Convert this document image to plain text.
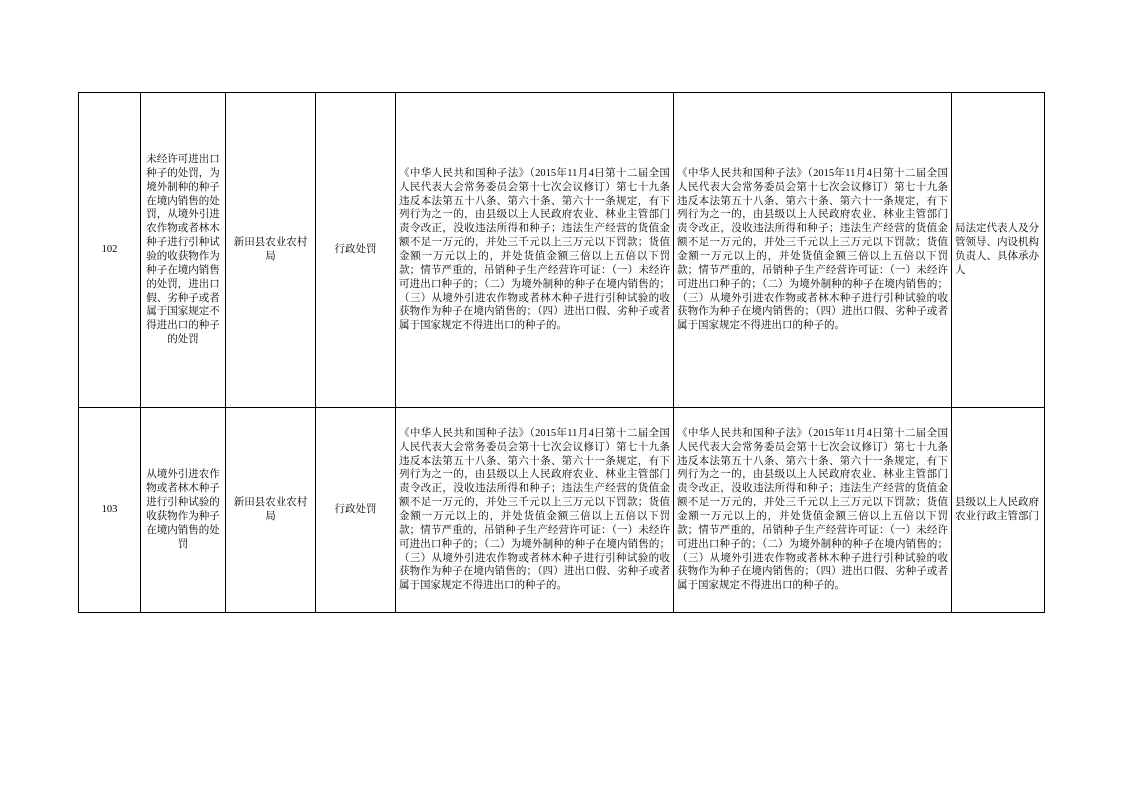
102	未经许可进出口种子的处罚，为境外制种的种子在境内销售的处罚，从境外引进农作物或者林木种子进行引种试验的收获物作为种子在境内销售的处罚，进出口假、劣种子或者属于国家规定不得进出口的种子的处罚	新田县农业农村局	行政处罚	《中华人民共和国种子法》（2015年11月4日第十二届全国人民代表大会常务委员会第十七次会议修订）第七十九条违反本法第五十八条、第六十条、第六十一条规定，有下列行为之一的，由县级以上人民政府农业、林业主管部门责令改正，没收违法所得和种子；违法生产经营的货值金额不足一万元的，并处三千元以上三万元以下罚款；货值金额一万元以上的，并处货值金额三倍以上五倍以下罚款；情节严重的，吊销种子生产经营许可证：（一）未经许可进出口种子的；（二）为境外制种的种子在境内销售的；（三）从境外引进农作物或者林木种子进行引种试验的收获物作为种子在境内销售的；（四）进出口假、劣种子或者属于国家规定不得进出口的种子的。	《中华人民共和国种子法》（2015年11月4日第十二届全国人民代表大会常务委员会第十七次会议修订）第七十九条违反本法第五十八条、第六十条、第六十一条规定，有下列行为之一的，由县级以上人民政府农业、林业主管部门责令改正，没收违法所得和种子；违法生产经营的货值金额不足一万元的，并处三千元以上三万元以下罚款；货值金额一万元以上的，并处货值金额三倍以上五倍以下罚款；情节严重的，吊销种子生产经营许可证：（一）未经许可进出口种子的；（二）为境外制种的种子在境内销售的；（三）从境外引进农作物或者林木种子进行引种试验的收获物作为种子在境内销售的；（四）进出口假、劣种子或者属于国家规定不得进出口的种子的。	局法定代表人及分管领导、内设机构负责人、具体承办人
103	从境外引进农作物或者林木种子进行引种试验的收获物作为种子在境内销售的处罚	新田县农业农村局	行政处罚	《中华人民共和国种子法》（2015年11月4日第十二届全国人民代表大会常务委员会第十七次会议修订）第七十九条违反本法第五十八条、第六十条、第六十一条规定，有下列行为之一的，由县级以上人民政府农业、林业主管部门责令改正，没收违法所得和种子；违法生产经营的货值金额不足一万元的，并处三千元以上三万元以下罚款；货值金额一万元以上的，并处货值金额三倍以上五倍以下罚款；情节严重的，吊销种子生产经营许可证：（一）未经许可进出口种子的；（二）为境外制种的种子在境内销售的；（三）从境外引进农作物或者林木种子进行引种试验的收获物作为种子在境内销售的；（四）进出口假、劣种子或者属于国家规定不得进出口的种子的。	《中华人民共和国种子法》（2015年11月4日第十二届全国人民代表大会常务委员会第十七次会议修订）第七十九条违反本法第五十八条、第六十条、第六十一条规定，有下列行为之一的，由县级以上人民政府农业、林业主管部门责令改正，没收违法所得和种子；违法生产经营的货值金额不足一万元的，并处三千元以上三万元以下罚款；货值金额一万元以上的，并处货值金额三倍以上五倍以下罚款；情节严重的，吊销种子生产经营许可证：（一）未经许可进出口种子的；（二）为境外制种的种子在境内销售的；（三）从境外引进农作物或者林木种子进行引种试验的收获物作为种子在境内销售的；（四）进出口假、劣种子或者属于国家规定不得进出口的种子的。	县级以上人民政府农业行政主管部门
